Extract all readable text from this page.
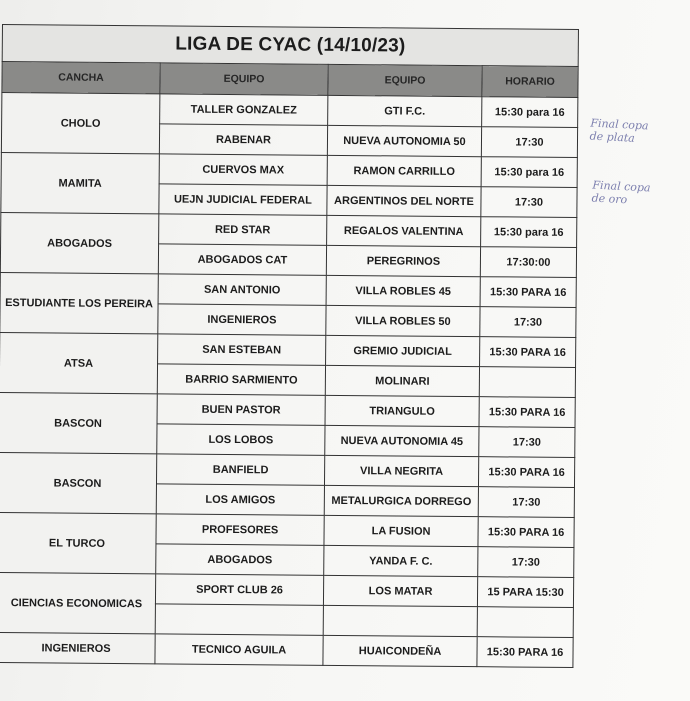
LIGA DE CYAC (14/10/23)			
CANCHA	EQUIPO	EQUIPO	HORARIO
CHOLO	TALLER GONZALEZ	GTI F.C.	15:30 para 16
	RABENAR	NUEVA AUTONOMIA 50	17:30
MAMITA	CUERVOS MAX	RAMON CARRILLO	15:30 para 16
	UEJN JUDICIAL FEDERAL	ARGENTINOS DEL NORTE	17:30
ABOGADOS	RED STAR	REGALOS VALENTINA	15:30 para 16
	ABOGADOS CAT	PEREGRINOS	17:30:00
ESTUDIANTE LOS PEREIRA	SAN ANTONIO	VILLA ROBLES 45	15:30 PARA 16
	INGENIEROS	VILLA ROBLES 50	17:30
ATSA	SAN ESTEBAN	GREMIO JUDICIAL	15:30 PARA 16
	BARRIO SARMIENTO	MOLINARI	
BASCON	BUEN PASTOR	TRIANGULO	15:30 PARA 16
	LOS LOBOS	NUEVA AUTONOMIA 45	17:30
BASCON	BANFIELD	VILLA NEGRITA	15:30 PARA 16
	LOS AMIGOS	METALURGICA DORREGO	17:30
EL TURCO	PROFESORES	LA FUSION	15:30 PARA 16
	ABOGADOS	YANDA F. C.	17:30
CIENCIAS ECONOMICAS	SPORT CLUB 26	LOS MATAR	15 PARA 15:30

INGENIEROS	TECNICO AGUILA	HUAICONDEÑA	15:30 PARA 16
Final copa
de plata
Final copa
de oro
